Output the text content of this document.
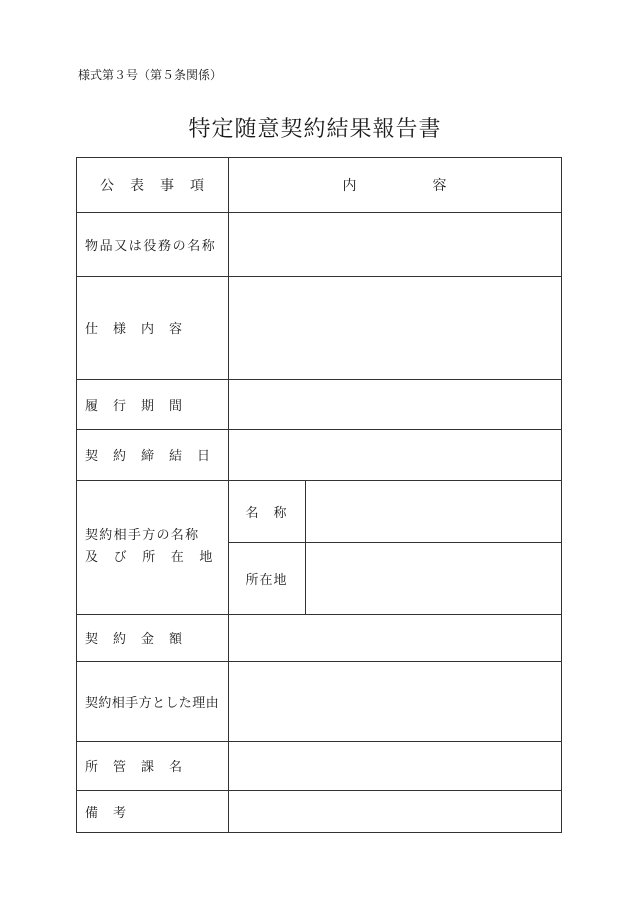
様式第３号（第５条関係）
特定随意契約結果報告書
公　表　事　項	内　　　　　容
物品又は役務の名称
仕　様　内　容
履　行　期　間
契　約　締　結　日
契約相手方の名称
及　び　所　在　地
名　称
所在地
契　約　金　額
契約相手方とした理由
所　管　課　名
備　考
